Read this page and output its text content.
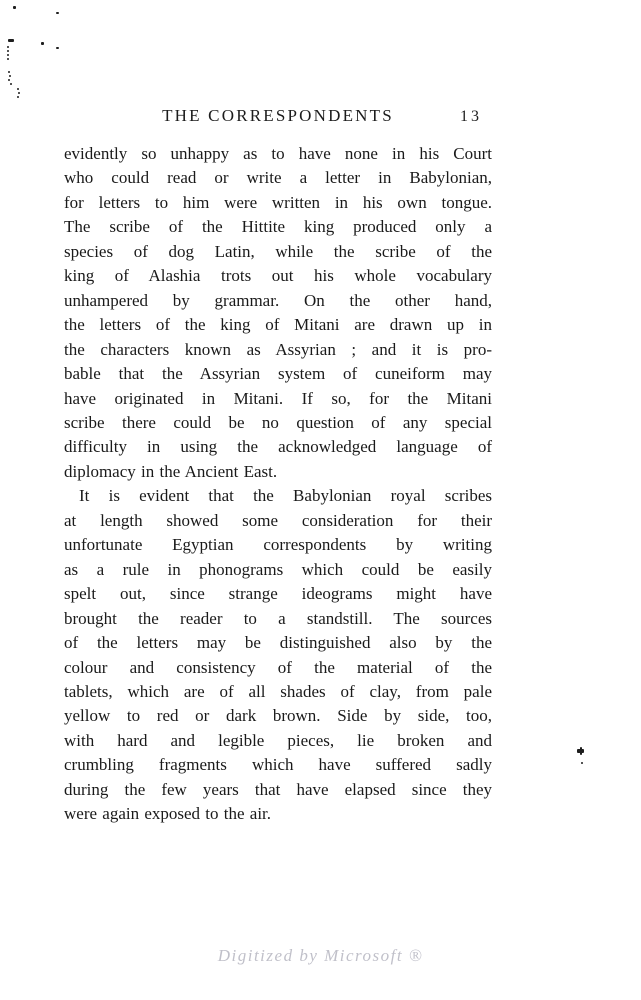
THE CORRESPONDENTS	13
evidently so unhappy as to have none in his Court
who could read or write a letter in Babylonian,
for letters to him were written in his own tongue.
The scribe of the Hittite king produced only a
species of dog Latin, while the scribe of the
king of Alashia trots out his whole vocabulary
unhampered by grammar. On the other hand,
the letters of the king of Mitani are drawn up in
the characters known as Assyrian ; and it is pro-
bable that the Assyrian system of cuneiform may
have originated in Mitani. If so, for the Mitani
scribe there could be no question of any special
difficulty in using the acknowledged language of
diplomacy in the Ancient East.
It is evident that the Babylonian royal scribes
at length showed some consideration for their
unfortunate Egyptian correspondents by writing
as a rule in phonograms which could be easily
spelt out, since strange ideograms might have
brought the reader to a standstill. The sources
of the letters may be distinguished also by the
colour and consistency of the material of the
tablets, which are of all shades of clay, from pale
yellow to red or dark brown. Side by side, too,
with hard and legible pieces, lie broken and
crumbling fragments which have suffered sadly
during the few years that have elapsed since they
were again exposed to the air.
Digitized by Microsoft ®
